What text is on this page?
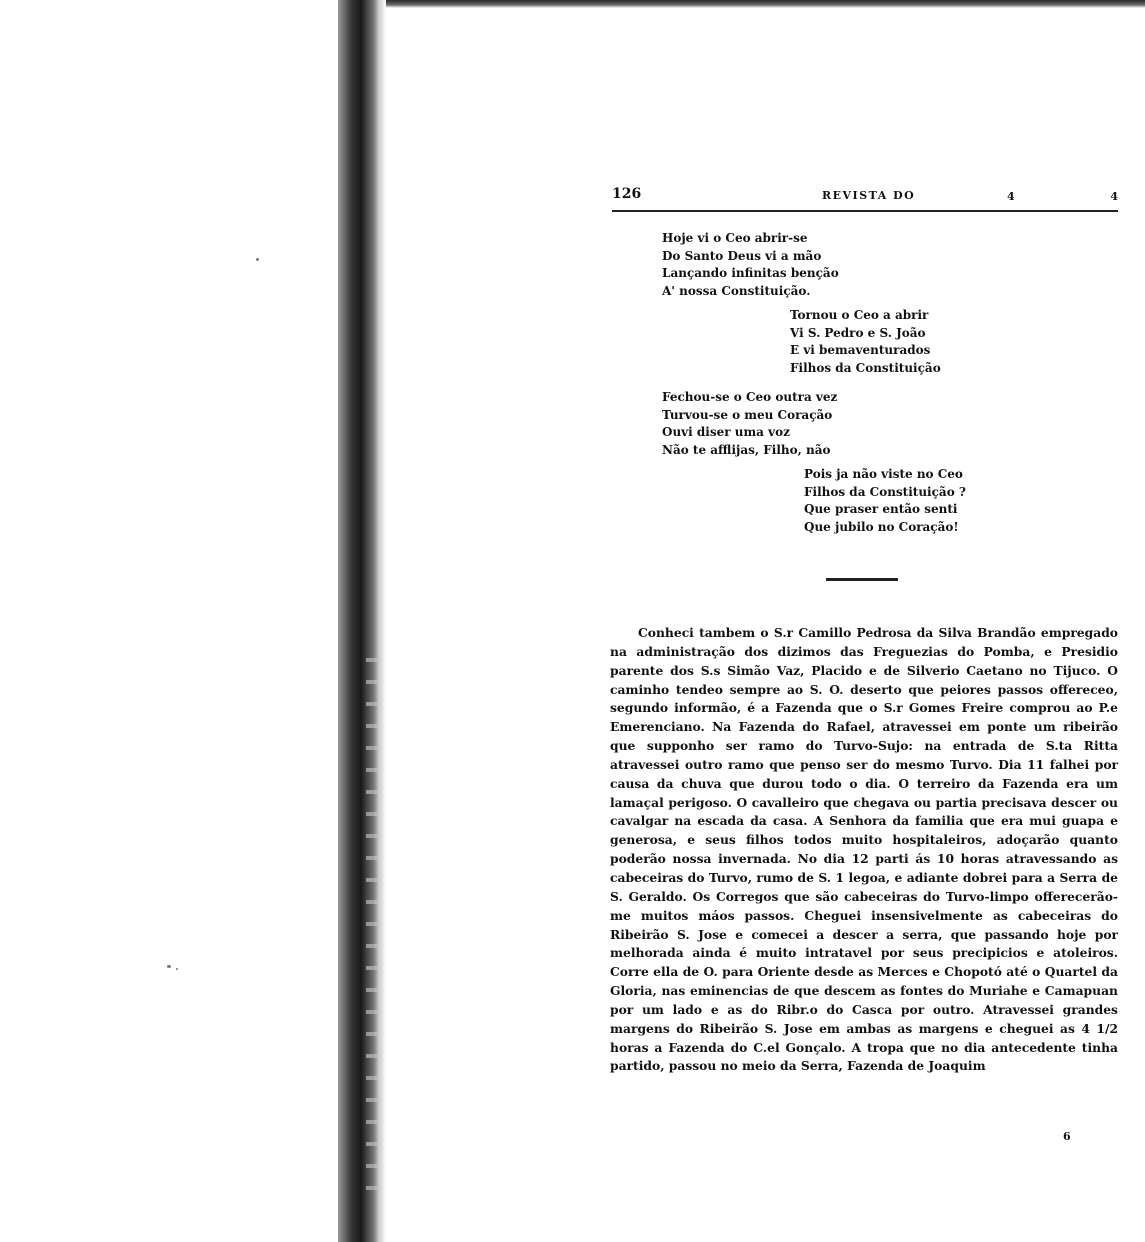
126	REVISTA DO	4	4
Hoje vi o Ceo abrir-se
Do Santo Deus vi a mão
Lançando infinitas benção
A' nossa Constituição.
Tornou o Ceo a abrir
Vi S. Pedro e S. João
E vi bemaventurados
Filhos da Constituição
Fechou-se o Ceo outra vez
Turvou-se o meu Coração
Ouvi diser uma voz
Não te afflijas, Filho, não
Pois ja não viste no Ceo
Filhos da Constituição ?
Que praser então senti
Que jubilo no Coração!

Conheci tambem o S.r Camillo Pedrosa da Silva Brandão empregado na administração dos dizimos das Freguezias do Pomba, e Presidio parente dos S.s Simão Vaz, Placido e de Silverio Caetano no Tijuco. O caminho tendeo sempre ao S. O. deserto que peiores passos offereceo, segundo informão, é a Fazenda que o S.r Gomes Freire comprou ao P.e Emerenciano. Na Fazenda do Rafael, atravessei em ponte um ribeirão que supponho ser ramo do Turvo-Sujo: na entrada de S.ta Ritta atravessei outro ramo que penso ser do mesmo Turvo. Dia 11 falhei por causa da chuva que durou todo o dia. O terreiro da Fazenda era um lamaçal perigoso. O cavalleiro que chegava ou partia precisava descer ou cavalgar na escada da casa. A Senhora da familia que era mui guapa e generosa, e seus filhos todos muito hospitaleiros, adoçarão quanto poderão nossa invernada. No dia 12 parti ás 10 horas atravessando as cabeceiras do Turvo, rumo de S. 1 legoa, e adiante dobrei para a Serra de S. Geraldo. Os Corregos que são cabeceiras do Turvo-limpo offerecerão-me muitos máos passos. Cheguei insensivelmente as cabeceiras do Ribeirão S. Jose e comecei a descer a serra, que passando hoje por melhorada ainda é muito intratavel por seus precipicios e atoleiros. Corre ella de O. para Oriente desde as Merces e Chopotó até o Quartel da Gloria, nas eminencias de que descem as fontes do Muriahe e Camapuan por um lado e as do Ribr.o do Casca por outro. Atravessei grandes margens do Ribeirão S. Jose em ambas as margens e cheguei as 4 1/2 horas a Fazenda do C.el Gonçalo. A tropa que no dia antecedente tinha partido, passou no meio da Serra, Fazenda de Joaquim

6
